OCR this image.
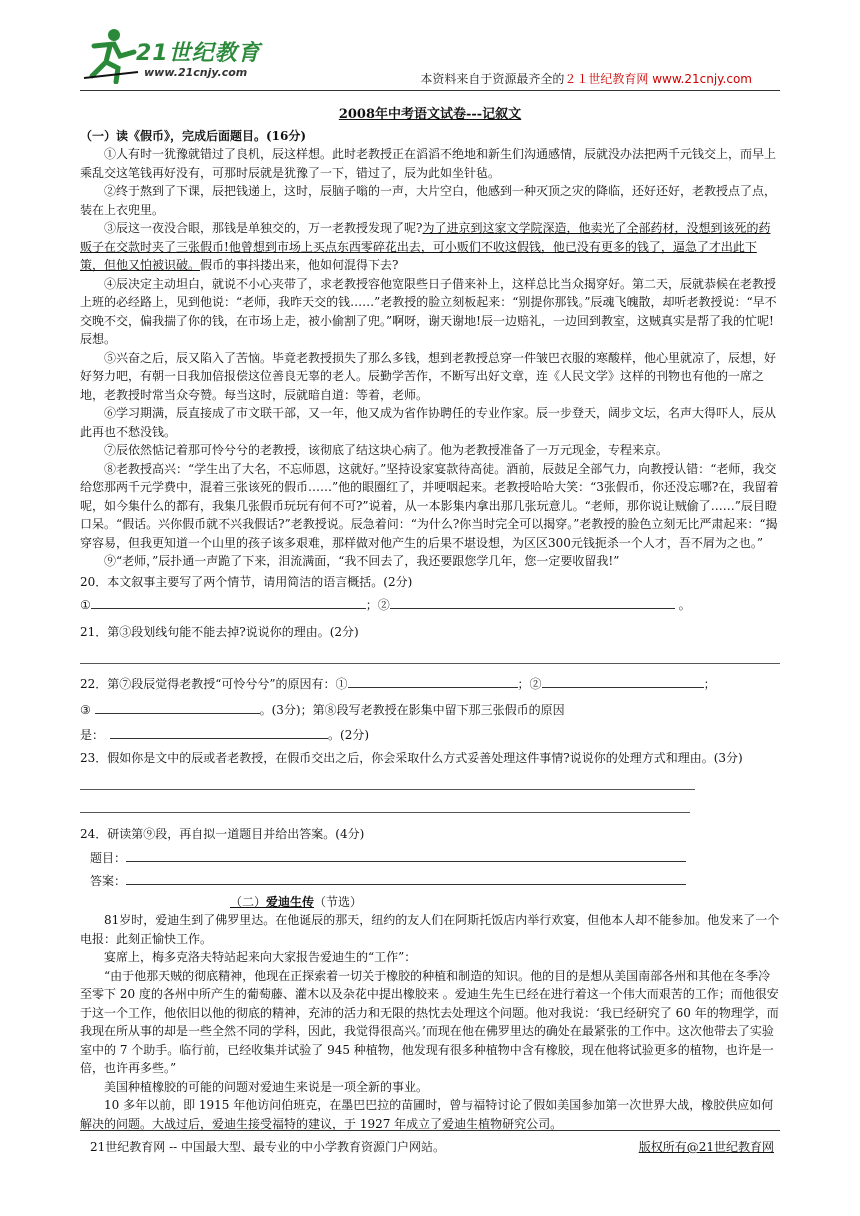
21世纪教育
www.21cnjy.com	本资料来自于资源最齐全的２１世纪教育网 www.21cnjy.com
2008年中考语文试卷---记叙文
（一）读《假币》，完成后面题目。(16分)

①人有时一犹豫就错过了良机，辰这样想。此时老教授正在滔滔不绝地和新生们沟通感情，辰就没办法把两千元钱交上，而早上乘乱交这笔钱再好没有，可那时辰就是犹豫了一下，错过了，辰为此如坐针毡。

②终于熬到了下课，辰把钱递上，这时，辰脑子嗡的一声，大片空白，他感到一种灭顶之灾的降临，还好还好，老教授点了点，装在上衣兜里。

③辰这一夜没合眼，那钱是单独交的，万一老教授发现了呢?为了进京到这家文学院深造，他卖光了全部药材，没想到该死的药贩子在交款时夹了三张假币!他曾想到市场上买点东西零碎花出去，可小贩们不收这假钱，他已没有更多的钱了，逼急了才出此下策，但他又怕被识破。假币的事抖搂出来，他如何混得下去?

④辰决定主动坦白，就说不小心夹带了，求老教授容他宽限些日子借来补上，这样总比当众揭穿好。第二天，辰就恭候在老教授上班的必经路上，见到他说：“老师，我昨天交的钱……”老教授的脸立刻板起来：“别提你那钱。”辰魂飞魄散，却听老教授说：“早不交晚不交，偏我揣了你的钱，在市场上走，被小偷割了兜。”啊呀，谢天谢地!辰一边赔礼，一边回到教室，这贼真实是帮了我的忙呢!辰想。

⑤兴奋之后，辰又陷入了苦恼。毕竟老教授损失了那么多钱，想到老教授总穿一件皱巴衣服的寒酸样，他心里就凉了，辰想，好好努力吧，有朝一日我加倍报偿这位善良无辜的老人。辰勤学苦作，不断写出好文章，连《人民文学》这样的刊物也有他的一席之地，老教授时常当众夸赞。每当这时，辰就暗自道：等着，老师。

⑥学习期满，辰直接成了市文联干部，又一年，他又成为省作协聘任的专业作家。辰一步登天，阔步文坛，名声大得吓人，辰从此再也不愁没钱。

⑦辰依然惦记着那可怜兮兮的老教授，该彻底了结这块心病了。他为老教授准备了一万元现金，专程来京。

⑧老教授高兴：“学生出了大名，不忘师恩，这就好。”坚持设家宴款待高徒。酒前，辰鼓足全部气力，向教授认错：“老师，我交给您那两千元学费中，混着三张该死的假币……”他的眼圈红了，并哽咽起来。老教授哈哈大笑：“3张假币，你还没忘哪?在，我留着呢，如今集什么的都有，我集几张假币玩玩有何不可?”说着，从一本影集内拿出那几张玩意儿。“老师，那你说让贼偷了……”辰目瞪口呆。“假话。兴你假币就不兴我假话?”老教授说。辰急着问：“为什么?你当时完全可以揭穿。”老教授的脸色立刻无比严肃起来：“揭穿容易，但我更知道一个山里的孩子该多艰难，那样做对他产生的后果不堪设想，为区区300元钱扼杀一个人才，吾不屑为之也。”

⑨“老师，”辰扑通一声跪了下来，泪流满面，“我不回去了，我还要跟您学几年，您一定要收留我!”

20．本文叙事主要写了两个情节，请用简洁的语言概括。(2分)
①	；②	。
21．第③段划线句能不能去掉?说说你的理由。(2分)
22．第⑦段辰觉得老教授“可怜兮兮”的原因有：①	；②	；
③	。(3分)；第⑧段写老教授在影集中留下那三张假币的原因
是：	。(2分)
23．假如你是文中的辰或者老教授，在假币交出之后，你会采取什么方式妥善处理这件事情?说说你的处理方式和理由。(3分)
24．研读第⑨段，再自拟一道题目并给出答案。(4分)
题目：
答案：
（二）爱迪生传（节选）

81岁时，爱迪生到了佛罗里达。在他诞辰的那天，纽约的友人们在阿斯托饭店内举行欢宴，但他本人却不能参加。他发来了一个电报：此刻正愉快工作。

宴席上，梅多克洛夫特站起来向大家报告爱迪生的“工作”：

“由于他那天贼的彻底精神，他现在正探索着一切关于橡胶的种植和制造的知识。他的目的是想从美国南部各州和其他在冬季冷至零下 20 度的各州中所产生的葡萄藤、灌木以及杂花中提出橡胶来 。爱迪生先生已经在进行着这一个伟大而艰苦的工作；而他很安于这一个工作，他依旧以他的彻底的精神，充沛的活力和无限的热忱去处理这个问题。他对我说：‘我已经研究了 60 年的物理学，而我现在所从事的却是一些全然不同的学科，因此，我觉得很高兴。’而现在他在佛罗里达的确处在最紧张的工作中。这次他带去了实验室中的 7 个助手。临行前，已经收集并试验了 945 种植物，他发现有很多种植物中含有橡胶，现在他将试验更多的植物，也许是一倍，也许再多些。”

美国种植橡胶的可能的问题对爱迪生来说是一项全新的事业。

10 多年以前，即 1915 年他访问伯班克，在墨巴巴拉的苗圃时，曾与福特讨论了假如美国参加第一次世界大战，橡胶供应如何解决的问题。大战过后，爱迪生接受福特的建议，于 1927 年成立了爱迪生植物研究公司。

21世纪教育网 -- 中国最大型、最专业的中小学教育资源门户网站。	版权所有@21世纪教育网
